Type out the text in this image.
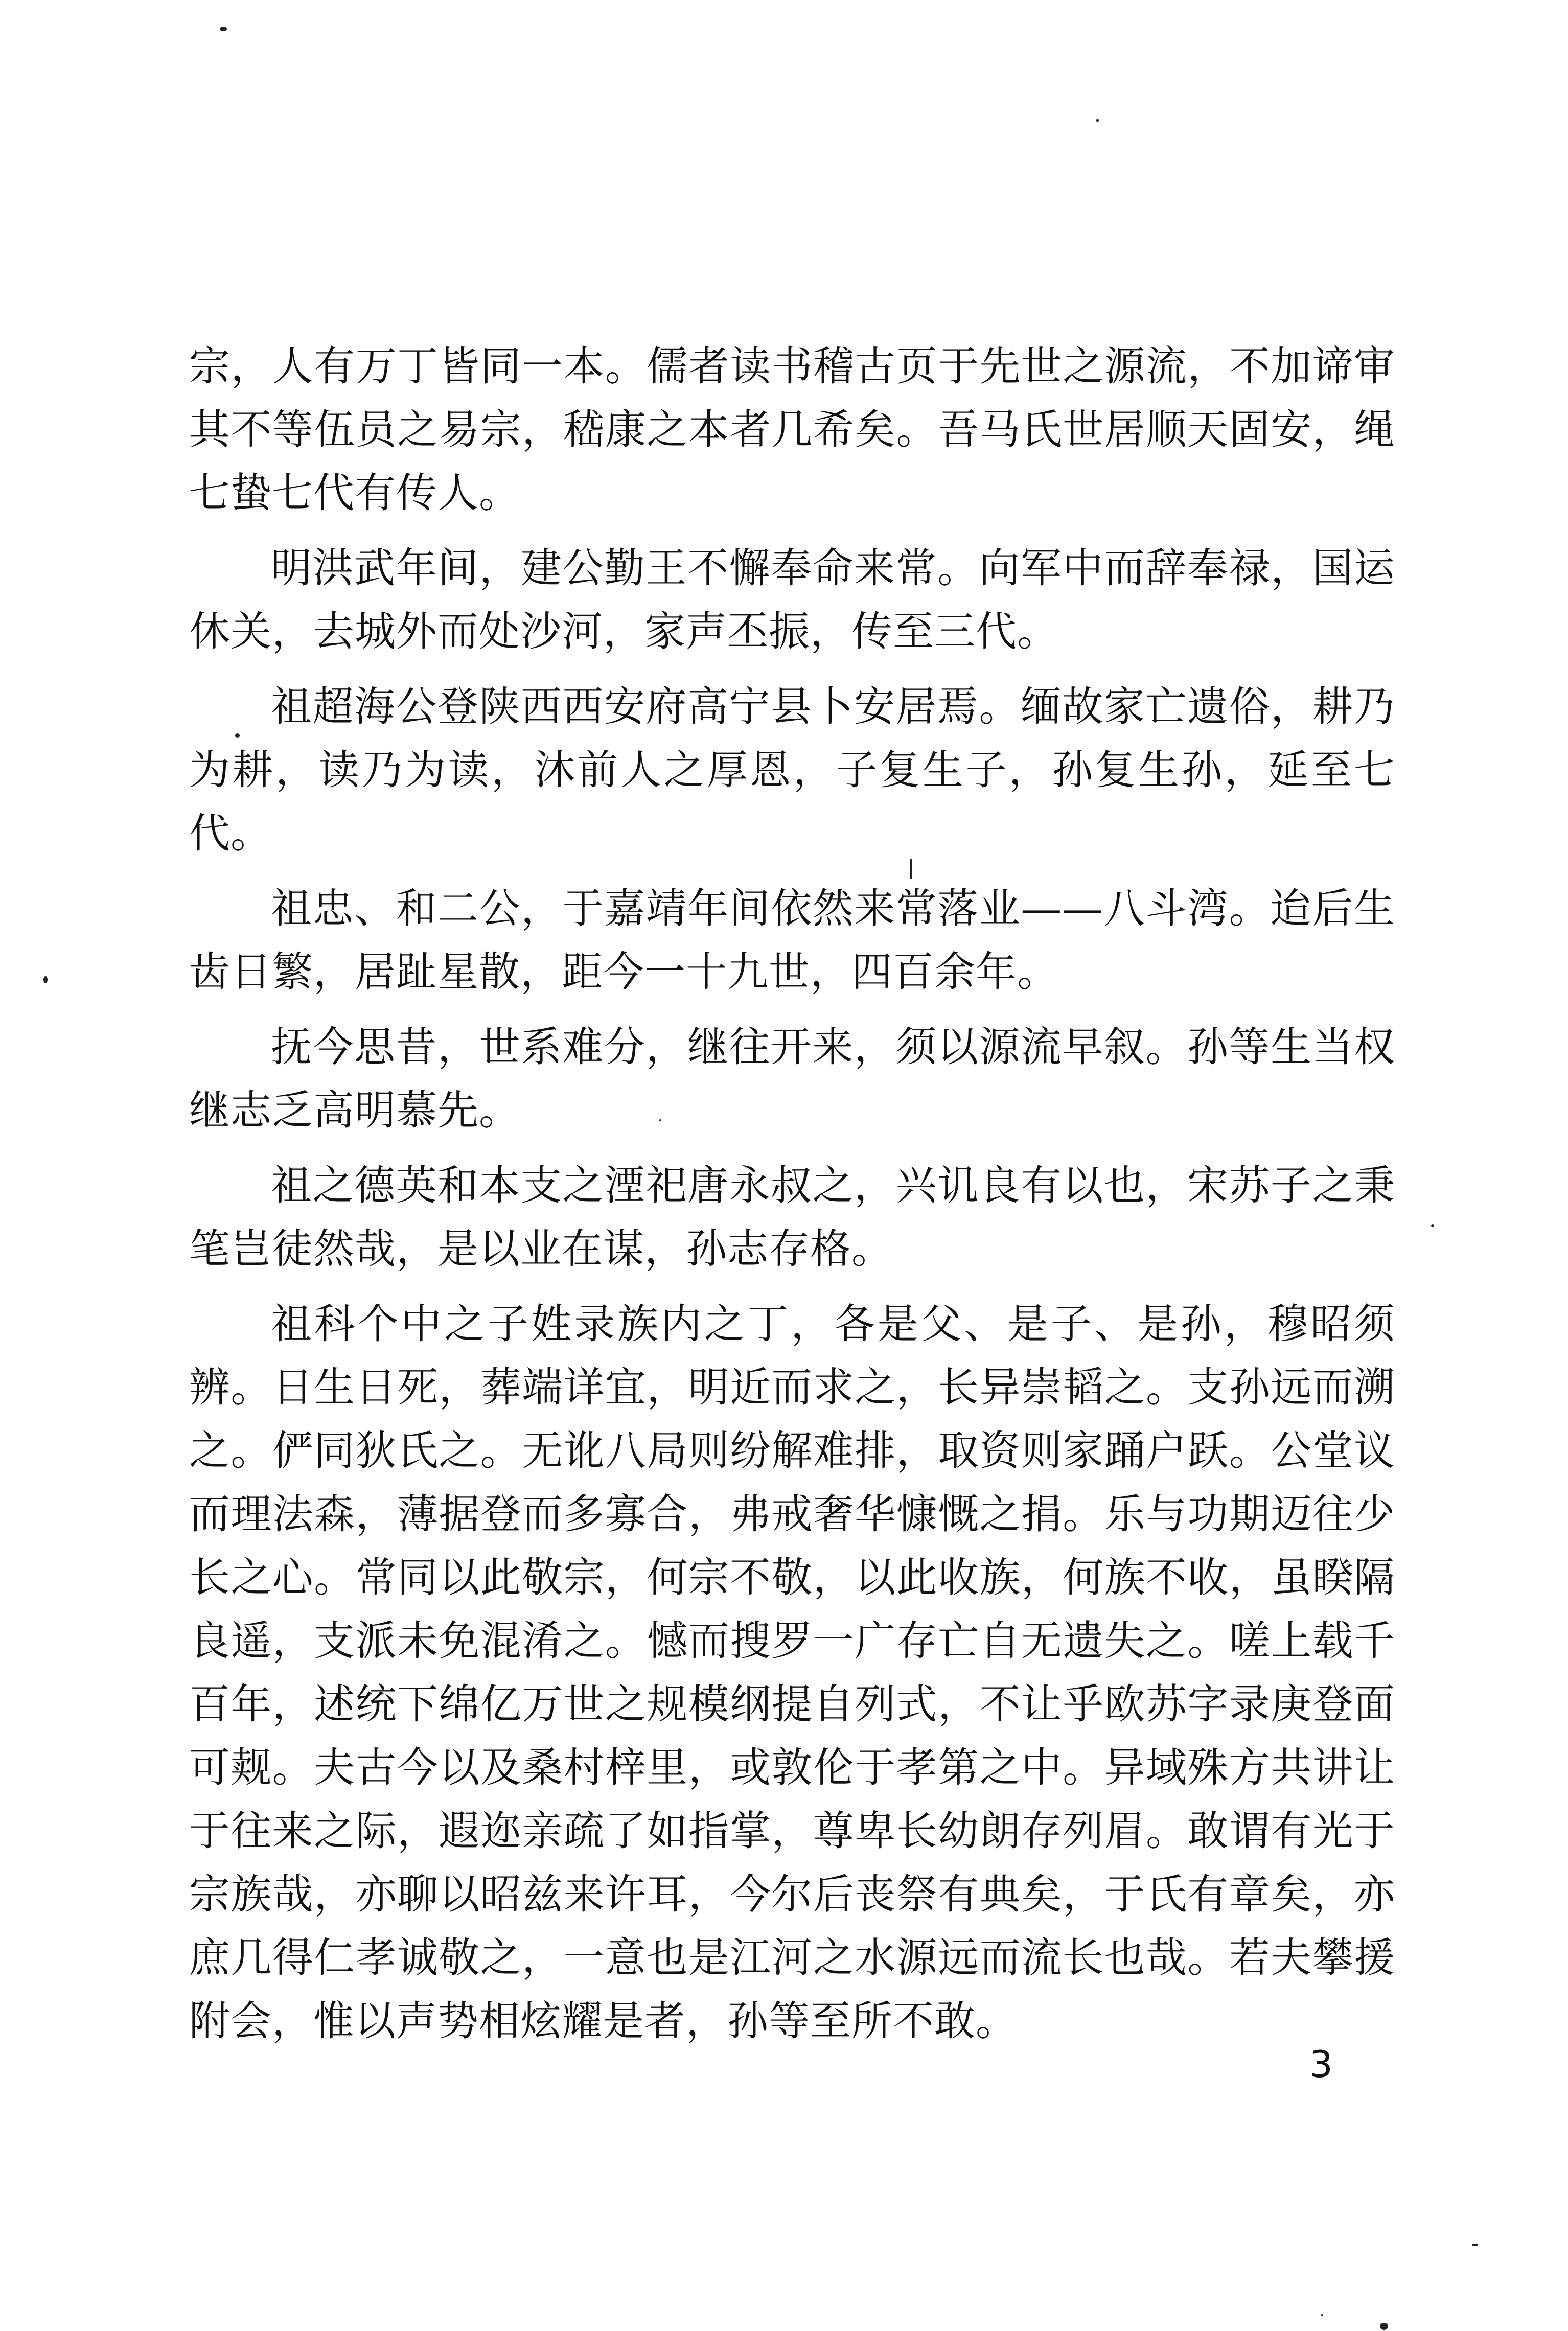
宗，人有万丁皆同一本。儒者读书稽古页于先世之源流，不加谛审其不等伍员之易宗，嵇康之本者几希矣。吾马氏世居顺天固安，绳七蛰七代有传人。

明洪武年间，建公勤王不懈奉命来常。向军中而辞奉禄，国运休关，去城外而处沙河，家声丕振，传至三代。

祖超海公登陕西西安府高宁县卜安居焉。缅故家亡遗俗，耕乃为耕，读乃为读，沐前人之厚恩，子复生子，孙复生孙，延至七代。

祖忠、和二公，于嘉靖年间依然来常落业——八斗湾。迨后生齿日繁，居趾星散，距今一十九世，四百余年。

抚今思昔，世系难分，继往开来，须以源流早叙。孙等生当权继志乏高明慕先。

祖之德英和本支之湮祀唐永叔之，兴讥良有以也，宋苏子之秉笔岂徒然哉，是以业在谋，孙志存格。

祖科个中之子姓录族内之丁，各是父、是子、是孙，穆昭须辨。日生日死，葬端详宜，明近而求之，长异崇韬之。支孙远而溯之。俨同狄氏之。无讹八局则纷解难排，取资则家踊户跃。公堂议而理法森，薄据登而多寡合，弗戒奢华慷慨之捐。乐与功期迈往少长之心。常同以此敬宗，何宗不敬，以此收族，何族不收，虽睽隔良遥，支派未免混淆之。憾而搜罗一广存亡自无遗失之。嗟上载千百年，述统下绵亿万世之规模纲提自列式，不让乎欧苏字录庚登面可觌。夫古今以及桑村梓里，或敦伦于孝第之中。异域殊方共讲让于往来之际，遐迩亲疏了如指掌，尊卑长幼朗存列眉。敢谓有光于宗族哉，亦聊以昭兹来许耳，今尔后丧祭有典矣，于氏有章矣，亦庶几得仁孝诚敬之，一意也是江河之水源远而流长也哉。若夫攀援附会，惟以声势相炫耀是者，孙等至所不敢。

3
